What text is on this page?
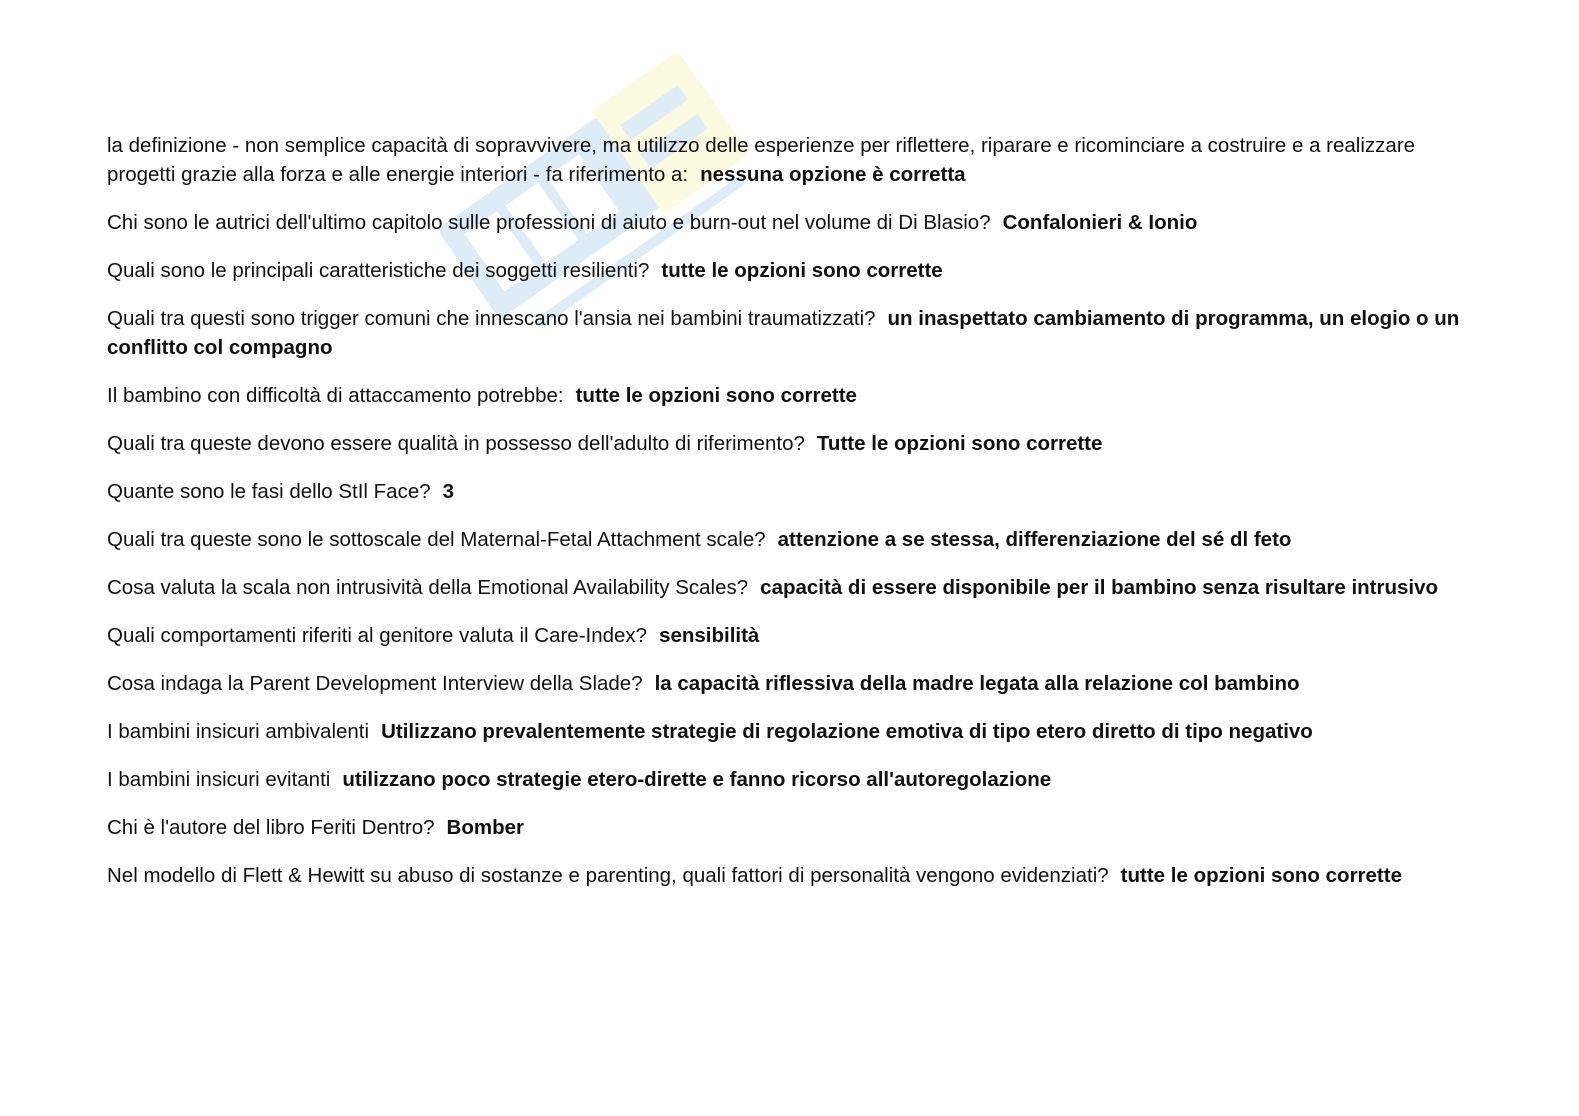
la definizione - non semplice capacità di sopravvivere, ma utilizzo delle esperienze per riflettere, riparare e ricominciare a costruire e a realizzare progetti grazie alla forza e alle energie interiori - fa riferimento a: nessuna opzione è corretta

Chi sono le autrici dell'ultimo capitolo sulle professioni di aiuto e burn-out nel volume di Di Blasio? Confalonieri & Ionio

Quali sono le principali caratteristiche dei soggetti resilienti? tutte le opzioni sono corrette

Quali tra questi sono trigger comuni che innescano l'ansia nei bambini traumatizzati? un inaspettato cambiamento di programma, un elogio o un conflitto col compagno

Il bambino con difficoltà di attaccamento potrebbe: tutte le opzioni sono corrette

Quali tra queste devono essere qualità in possesso dell'adulto di riferimento? Tutte le opzioni sono corrette

Quante sono le fasi dello StIl Face? 3

Quali tra queste sono le sottoscale del Maternal-Fetal Attachment scale? attenzione a se stessa, differenziazione del sé dl feto

Cosa valuta la scala non intrusività della Emotional Availability Scales? capacità di essere disponibile per il bambino senza risultare intrusivo

Quali comportamenti riferiti al genitore valuta il Care-Index? sensibilità

Cosa indaga la Parent Development Interview della Slade? la capacità riflessiva della madre legata alla relazione col bambino

I bambini insicuri ambivalenti Utilizzano prevalentemente strategie di regolazione emotiva di tipo etero diretto di tipo negativo

I bambini insicuri evitanti utilizzano poco strategie etero-dirette e fanno ricorso all'autoregolazione

Chi è l'autore del libro Feriti Dentro? Bomber

Nel modello di Flett & Hewitt su abuso di sostanze e parenting, quali fattori di personalità vengono evidenziati? tutte le opzioni sono corrette
